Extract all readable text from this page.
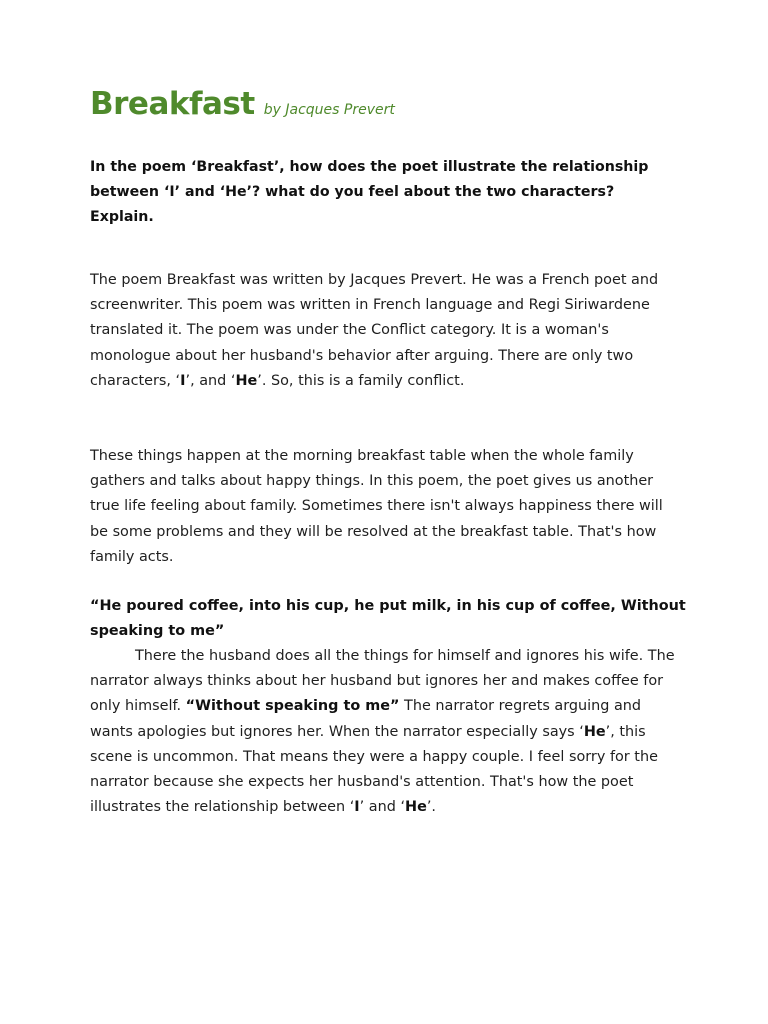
Breakfast by Jacques Prevert
In the poem ‘Breakfast’, how does the poet illustrate the relationship between ‘I’ and ‘He’? what do you feel about the two characters? Explain.
The poem Breakfast was written by Jacques Prevert. He was a French poet and screenwriter. This poem was written in French language and Regi Siriwardene translated it. The poem was under the Conflict category. It is a woman's monologue about her husband's behavior after arguing. There are only two characters, ‘I’, and ‘He’. So, this is a family conflict.
These things happen at the morning breakfast table when the whole family gathers and talks about happy things. In this poem, the poet gives us another true life feeling about family. Sometimes there isn't always happiness there will be some problems and they will be resolved at the breakfast table. That's how family acts.
“He poured coffee, into his cup, he put milk, in his cup of coffee, Without speaking to me”
There the husband does all the things for himself and ignores his wife. The narrator always thinks about her husband but ignores her and makes coffee for only himself. “Without speaking to me” The narrator regrets arguing and wants apologies but ignores her. When the narrator especially says ‘He’, this scene is uncommon. That means they were a happy couple. I feel sorry for the narrator because she expects her husband's attention. That's how the poet illustrates the relationship between ‘I’ and ‘He’.
